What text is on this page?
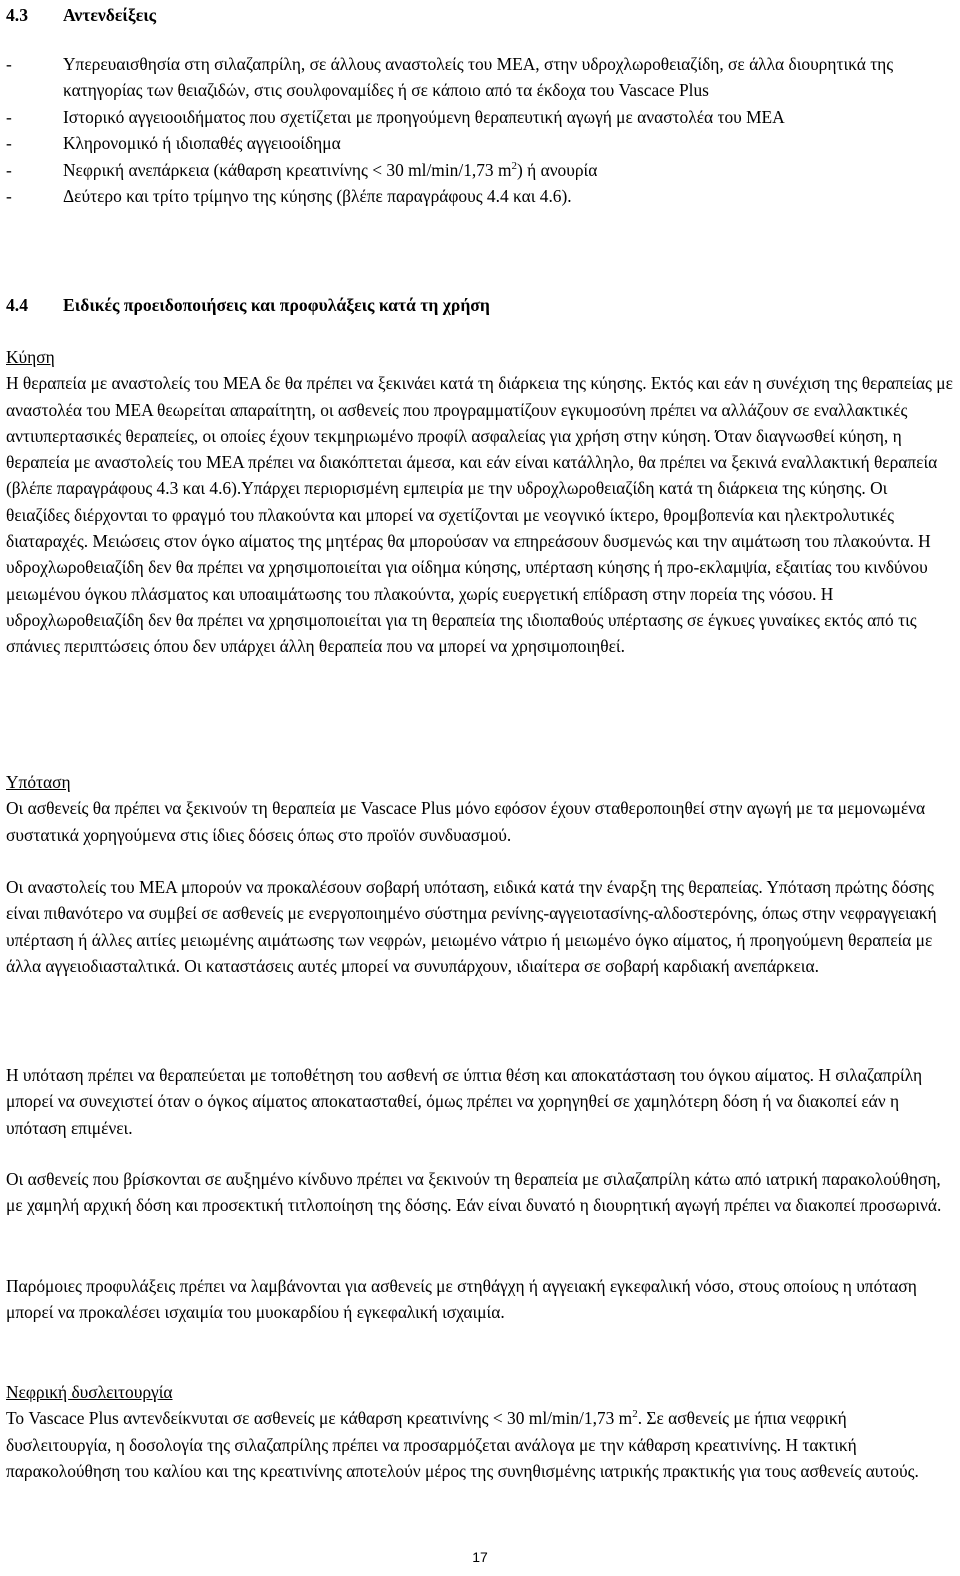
4.3 Αντενδείξεις
-	Υπερευαισθησία στη σιλαζαπρίλη, σε άλλους αναστολείς του ΜΕΑ, στην υδροχλωροθειαζίδη, σε άλλα διουρητικά της κατηγορίας των θειαζιδών, στις σουλφοναμίδες ή σε κάποιο από τα έκδοχα του Vascace Plus
-	Ιστορικό αγγειοοιδήματος που σχετίζεται με προηγούμενη θεραπευτική αγωγή με αναστολέα του ΜΕΑ
-	Κληρονομικό ή ιδιοπαθές αγγειοοίδημα
-	Νεφρική ανεπάρκεια (κάθαρση κρεατινίνης < 30 ml/min/1,73 $m^2$) ή ανουρία
-	Δεύτερο και τρίτο τρίμηνο της κύησης (βλέπε παραγράφους 4.4 και 4.6).
4.4 Ειδικές προειδοποιήσεις και προφυλάξεις κατά τη χρήση
Κύηση
Η θεραπεία με αναστολείς του ΜΕΑ δε θα πρέπει να ξεκινάει κατά τη διάρκεια της κύησης. Εκτός και εάν η συνέχιση της θεραπείας με αναστολέα του ΜΕΑ θεωρείται απαραίτητη, οι ασθενείς που προγραμματίζουν εγκυμοσύνη πρέπει να αλλάζουν σε εναλλακτικές αντιυπερτασικές θεραπείες, οι οποίες έχουν τεκμηριωμένο προφίλ ασφαλείας για χρήση στην κύηση. Όταν διαγνωσθεί κύηση, η θεραπεία με αναστολείς του ΜΕΑ πρέπει να διακόπτεται άμεσα, και εάν είναι κατάλληλο, θα πρέπει να ξεκινά εναλλακτική θεραπεία (βλέπε παραγράφους 4.3 και 4.6).Υπάρχει περιορισμένη εμπειρία με την υδροχλωροθειαζίδη κατά τη διάρκεια της κύησης. Οι θειαζίδες διέρχονται το φραγμό του πλακούντα και μπορεί να σχετίζονται με νεογνικό ίκτερο, θρομβοπενία και ηλεκτρολυτικές διαταραχές. Μειώσεις στον όγκο αίματος της μητέρας θα μπορούσαν να επηρεάσουν δυσμενώς και την αιμάτωση του πλακούντα. Η υδροχλωροθειαζίδη δεν θα πρέπει να χρησιμοποιείται για οίδημα κύησης, υπέρταση κύησης ή προ-εκλαμψία, εξαιτίας του κινδύνου μειωμένου όγκου πλάσματος και υποαιμάτωσης του πλακούντα, χωρίς ευεργετική επίδραση στην πορεία της νόσου. Η υδροχλωροθειαζίδη δεν θα πρέπει να χρησιμοποιείται για τη θεραπεία της ιδιοπαθούς υπέρτασης σε έγκυες γυναίκες εκτός από τις σπάνιες περιπτώσεις όπου δεν υπάρχει άλλη θεραπεία που να μπορεί να χρησιμοποιηθεί.
Υπόταση
Οι ασθενείς θα πρέπει να ξεκινούν τη θεραπεία με Vascace Plus μόνο εφόσον έχουν σταθεροποιηθεί στην αγωγή με τα μεμονωμένα συστατικά χορηγούμενα στις ίδιες δόσεις όπως στο προϊόν συνδυασμού.
Οι αναστολείς του ΜΕΑ μπορούν να προκαλέσουν σοβαρή υπόταση, ειδικά κατά την έναρξη της θεραπείας. Υπόταση πρώτης δόσης είναι πιθανότερο να συμβεί σε ασθενείς με ενεργοποιημένο σύστημα ρενίνης-αγγειοτασίνης-αλδοστερόνης, όπως στην νεφραγγειακή υπέρταση ή άλλες αιτίες μειωμένης αιμάτωσης των νεφρών, μειωμένο νάτριο ή μειωμένο όγκο αίματος, ή προηγούμενη θεραπεία με άλλα αγγειοδιασταλτικά. Οι καταστάσεις αυτές μπορεί να συνυπάρχουν, ιδιαίτερα σε σοβαρή καρδιακή ανεπάρκεια.
Η υπόταση πρέπει να θεραπεύεται με τοποθέτηση του ασθενή σε ύπτια θέση και αποκατάσταση του όγκου αίματος. Η σιλαζαπρίλη μπορεί να συνεχιστεί όταν ο όγκος αίματος αποκατασταθεί, όμως πρέπει να χορηγηθεί σε χαμηλότερη δόση ή να διακοπεί εάν η υπόταση επιμένει.
Οι ασθενείς που βρίσκονται σε αυξημένο κίνδυνο πρέπει να ξεκινούν τη θεραπεία με σιλαζαπρίλη κάτω από ιατρική παρακολούθηση, με χαμηλή αρχική δόση και προσεκτική τιτλοποίηση της δόσης. Εάν είναι δυνατό η διουρητική αγωγή πρέπει να διακοπεί προσωρινά.
Παρόμοιες προφυλάξεις πρέπει να λαμβάνονται για ασθενείς με στηθάγχη ή αγγειακή εγκεφαλική νόσο, στους οποίους η υπόταση μπορεί να προκαλέσει ισχαιμία του μυοκαρδίου ή εγκεφαλική ισχαιμία.
Νεφρική δυσλειτουργία
Το Vascace Plus αντενδείκνυται σε ασθενείς με κάθαρση κρεατινίνης < 30 ml/min/1,73 $m^2$. Σε ασθενείς με ήπια νεφρική δυσλειτουργία, η δοσολογία της σιλαζαπρίλης πρέπει να προσαρμόζεται ανάλογα με την κάθαρση κρεατινίνης. Η τακτική παρακολούθηση του καλίου και της κρεατινίνης αποτελούν μέρος της συνηθισμένης ιατρικής πρακτικής για τους ασθενείς αυτούς.
17
